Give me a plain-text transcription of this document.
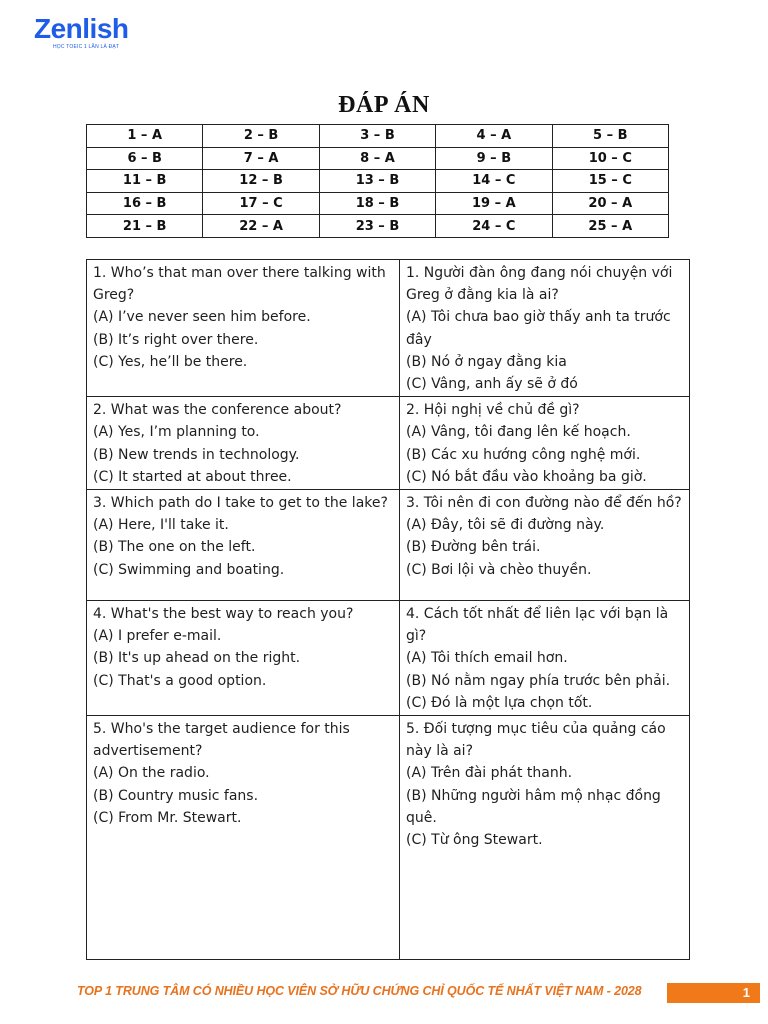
Zenlish
HỌC TOEIC 1 LẦN LÀ ĐẠT
ĐÁP ÁN
1 – A	2 – B	3 – B	4 – A	5 – B
6 – B	7 – A	8 – A	9 – B	10 – C
11 – B	12 – B	13 – B	14 – C	15 – C
16 – B	17 – C	18 – B	19 – A	20 – A
21 – B	22 – A	23 – B	24 – C	25 – A
1. Who’s that man over there talking with Greg?
(A) I’ve never seen him before.
(B) It’s right over there.
(C) Yes, he’ll be there.	1. Người đàn ông đang nói chuyện với Greg ở đằng kia là ai?
(A) Tôi chưa bao giờ thấy anh ta trước đây
(B) Nó ở ngay đằng kia
(C) Vâng, anh ấy sẽ ở đó

2. What was the conference about?
(A) Yes, I’m planning to.
(B) New trends in technology.
(C) It started at about three.	2. Hội nghị về chủ đề gì?
(A) Vâng, tôi đang lên kế hoạch.
(B) Các xu hướng công nghệ mới.
(C) Nó bắt đầu vào khoảng ba giờ.

3. Which path do I take to get to the lake?
(A) Here, I'll take it.
(B) The one on the left.
(C) Swimming and boating.	3. Tôi nên đi con đường nào để đến hồ?
(A) Đây, tôi sẽ đi đường này.
(B) Đường bên trái.
(C) Bơi lội và chèo thuyền.

4. What's the best way to reach you?
(A) I prefer e-mail.
(B) It's up ahead on the right.
(C) That's a good option.	4. Cách tốt nhất để liên lạc với bạn là gì?
(A) Tôi thích email hơn.
(B) Nó nằm ngay phía trước bên phải.
(C) Đó là một lựa chọn tốt.

5. Who's the target audience for this advertisement?
(A) On the radio.
(B) Country music fans.
(C) From Mr. Stewart.	5. Đối tượng mục tiêu của quảng cáo này là ai?
(A) Trên đài phát thanh.
(B) Những người hâm mộ nhạc đồng quê.
(C) Từ ông Stewart.
TOP 1 TRUNG TÂM CÓ NHIỀU HỌC VIÊN SỞ HỮU CHỨNG CHỈ QUỐC TẾ NHẤT VIỆT NAM - 2028	1
